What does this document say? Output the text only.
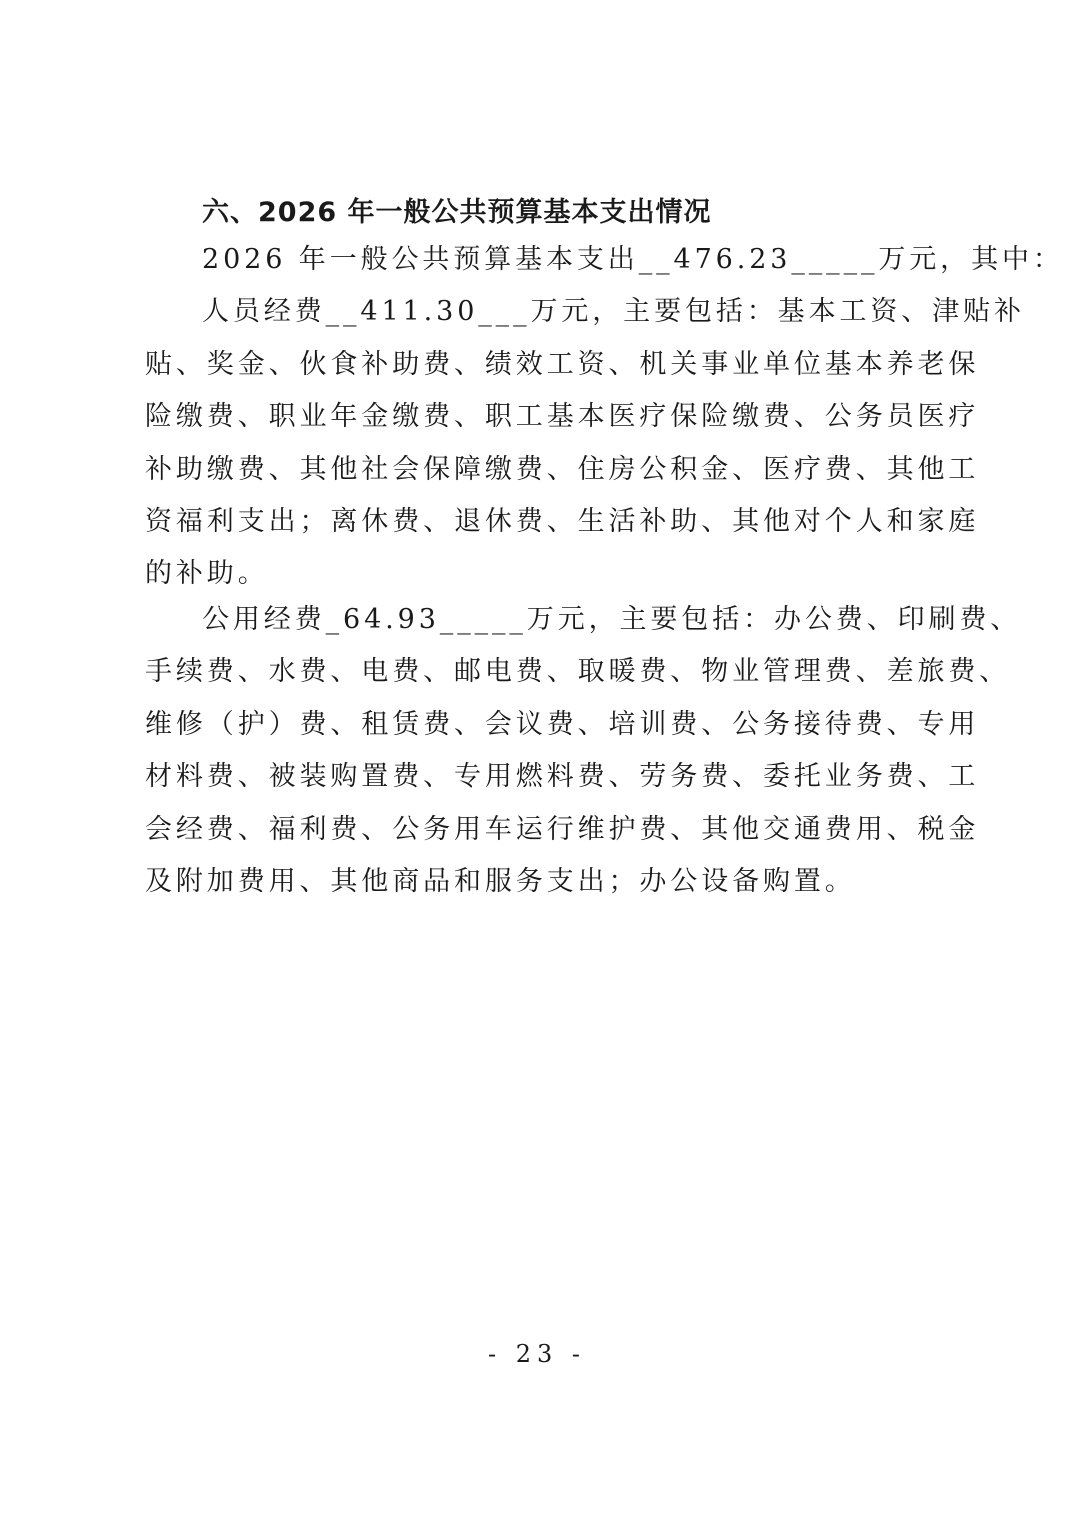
六、2026 年一般公共预算基本支出情况
2026 年一般公共预算基本支出__476.23_____万元，其中：
人员经费__411.30___万元，主要包括：基本工资、津贴补
贴、奖金、伙食补助费、绩效工资、机关事业单位基本养老保
险缴费、职业年金缴费、职工基本医疗保险缴费、公务员医疗
补助缴费、其他社会保障缴费、住房公积金、医疗费、其他工
资福利支出；离休费、退休费、生活补助、其他对个人和家庭
的补助。
公用经费_64.93_____万元，主要包括：办公费、印刷费、
手续费、水费、电费、邮电费、取暖费、物业管理费、差旅费、
维修（护）费、租赁费、会议费、培训费、公务接待费、专用
材料费、被装购置费、专用燃料费、劳务费、委托业务费、工
会经费、福利费、公务用车运行维护费、其他交通费用、税金
及附加费用、其他商品和服务支出；办公设备购置。
- 23 -
